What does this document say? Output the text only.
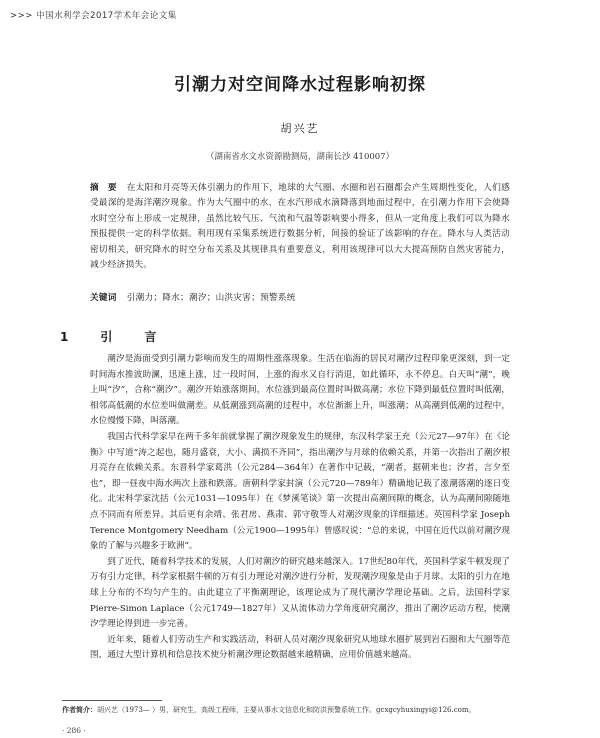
>>> 中国水利学会2017学术年会论文集
引潮力对空间降水过程影响初探
胡兴艺
（湖南省水文水资源勘测局，湖南长沙 410007）
摘　要 在太阳和月亮等天体引潮力的作用下，地球的大气圈、水圈和岩石圈都会产生周期性变化，人们感受最深的是海洋潮汐现象。作为大气圈中的水，在水汽形成水滴降落到地面过程中，在引潮力作用下会使降水时空分布上形成一定规律，虽然比较气压、气流和气温等影响要小得多，但从一定角度上我们可以为降水预报提供一定的科学依据。利用现有采集系统进行数据分析，间接的验证了该影响的存在。降水与人类活动密切相关，研究降水的时空分布关系及其规律具有重要意义，利用该规律可以大大提高预防自然灾害能力，减少经济损失。
关键词 引潮力；降水；潮汐；山洪灾害；预警系统
1　引　言

潮汐是海面受到引潮力影响而发生的周期性涨落现象。生活在临海的居民对潮汐过程印象更深刻，到一定时间海水推波助澜，迅速上涨，过一段时间，上涨的海水又自行消退，如此循环，永不停息。白天叫“潮”，晚上叫“汐”，合称“潮汐”。潮汐开始涨落期间，水位涨到最高位置时叫做高潮；水位下降到最低位置时叫低潮，相邻高低潮的水位差叫做潮差。从低潮涨到高潮的过程中，水位渐渐上升，叫涨潮；从高潮到低潮的过程中，水位慢慢下降，叫落潮。

我国古代科学家早在两千多年前就掌握了潮汐现象发生的规律，东汉科学家王充（公元27—97年）在《论衡》中写道“涛之起也，随月盛衰，大小、满损不齐同”，指出潮汐与月球的依赖关系，并第一次指出了潮汐根月亮存在依赖关系。东晋科学家葛洪（公元284—364年）在著作中记载，“潮者，据朝来也；汐者，言夕至也”，即一昼夜中海水两次上涨和跌落。唐朝科学家封演（公元720—789年）精确地记载了涨潮落潮的逐日变化。北宋科学家沈括（公元1031—1095年）在《梦溪笔谈》第一次提出高潮间隙的概念，认为高潮间隙随地点不同而有所差异。其后更有余靖、张君房、燕肃、郭守敬等人对潮汐现象的详细描述。英国科学家 Joseph Terence Montgomery Needham（公元1900—1995年）曾感叹说：“总的来说，中国在近代以前对潮汐现象的了解与兴趣多于欧洲”。

到了近代，随着科学技术的发展，人们对潮汐的研究越来越深入。17世纪80年代，英国科学家牛顿发现了万有引力定律，科学家根据牛顿的万有引力理论对潮汐进行分析，发现潮汐现象是由于月球、太阳的引力在地球上分布的不均匀产生的。由此建立了平衡潮理论，该理论成为了现代潮汐学理论基础。之后，法国科学家 Pierre-Simon Laplace（公元1749—1827年）又从流体动力学角度研究潮汐，推出了潮汐运动方程，使潮汐学理论得到进一步完善。

近年来，随着人们劳动生产和实践活动，科研人员对潮汐现象研究从地球水圈扩展到岩石圈和大气圈等范围，通过大型计算机和信息技术使分析潮汐理论数据越来越精确，应用价值越来越高。

作者简介：胡兴艺（1973— ）男，研究生，高级工程师，主要从事水文信息化和防洪预警系统工作。gcxgcyhuxingyi@126.com。
· 286 ·
